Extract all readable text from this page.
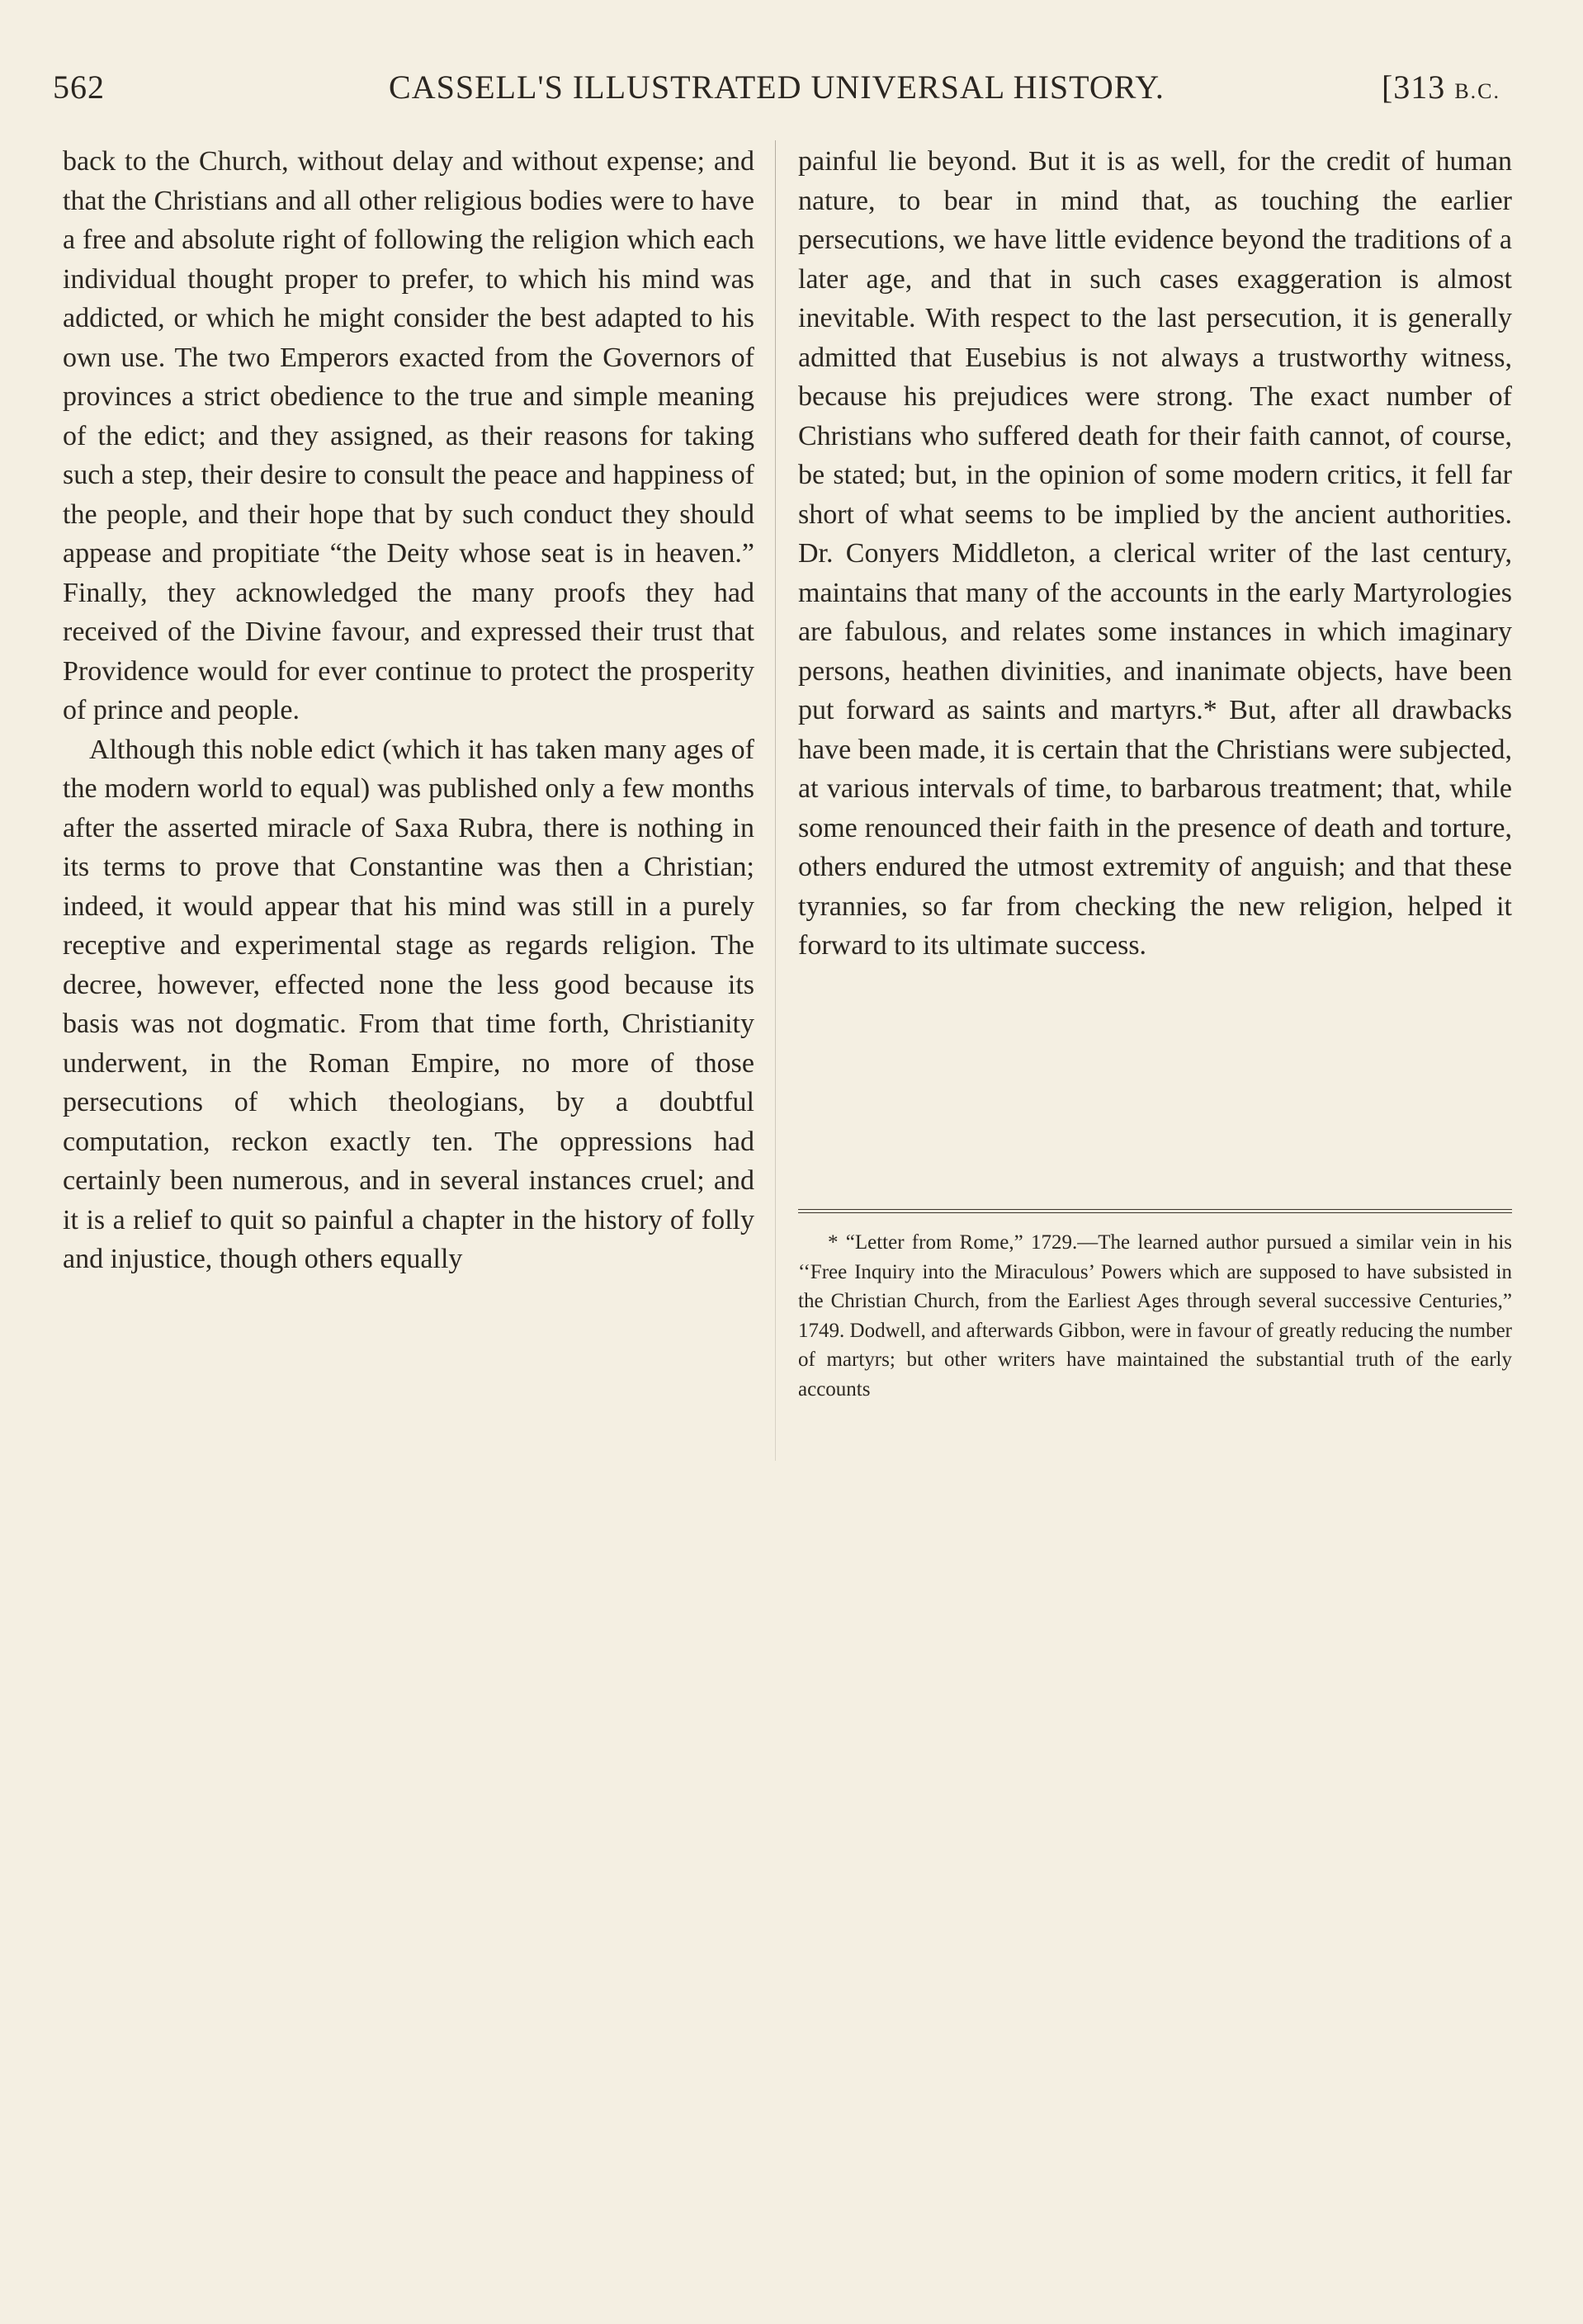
562	CASSELL'S ILLUSTRATED UNIVERSAL HISTORY.	[313 B.C.

back to the Church, without delay and without expense; and that the Christians and all other religious bodies were to have a free and absolute right of following the religion which each individual thought proper to prefer, to which his mind was addicted, or which he might consider the best adapted to his own use. The two Emperors exacted from the Governors of provinces a strict obedience to the true and simple meaning of the edict; and they assigned, as their reasons for taking such a step, their desire to consult the peace and happiness of the people, and their hope that by such conduct they should appease and propitiate “the Deity whose seat is in heaven.” Finally, they acknowledged the many proofs they had received of the Divine favour, and expressed their trust that Providence would for ever continue to protect the prosperity of prince and people.

Although this noble edict (which it has taken many ages of the modern world to equal) was published only a few months after the asserted miracle of Saxa Rubra, there is nothing in its terms to prove that Constantine was then a Christian; indeed, it would appear that his mind was still in a purely receptive and experimental stage as regards religion. The decree, however, effected none the less good because its basis was not dogmatic. From that time forth, Christianity underwent, in the Roman Empire, no more of those persecutions of which theologians, by a doubtful computation, reckon exactly ten. The oppressions had certainly been numerous, and in several instances cruel; and it is a relief to quit so painful a chapter in the history of folly and injustice, though others equally

painful lie beyond. But it is as well, for the credit of human nature, to bear in mind that, as touching the earlier persecutions, we have little evidence beyond the traditions of a later age, and that in such cases exaggeration is almost inevitable. With respect to the last persecution, it is generally admitted that Eusebius is not always a trustworthy witness, because his prejudices were strong. The exact number of Christians who suffered death for their faith cannot, of course, be stated; but, in the opinion of some modern critics, it fell far short of what seems to be implied by the ancient authorities. Dr. Conyers Middleton, a clerical writer of the last century, maintains that many of the accounts in the early Martyrologies are fabulous, and relates some instances in which imaginary persons, heathen divinities, and inanimate objects, have been put forward as saints and martyrs.* But, after all drawbacks have been made, it is certain that the Christians were subjected, at various intervals of time, to barbarous treatment; that, while some renounced their faith in the presence of death and torture, others endured the utmost extremity of anguish; and that these tyrannies, so far from checking the new religion, helped it forward to its ultimate success.

* “Letter from Rome,” 1729.—The learned author pursued a similar vein in his ‘‘Free Inquiry into the Miraculous’ Powers which are supposed to have subsisted in the Christian Church, from the Earliest Ages through several successive Centuries,” 1749. Dodwell, and afterwards Gibbon, were in favour of greatly reducing the number of martyrs; but other writers have maintained the substantial truth of the early accounts
